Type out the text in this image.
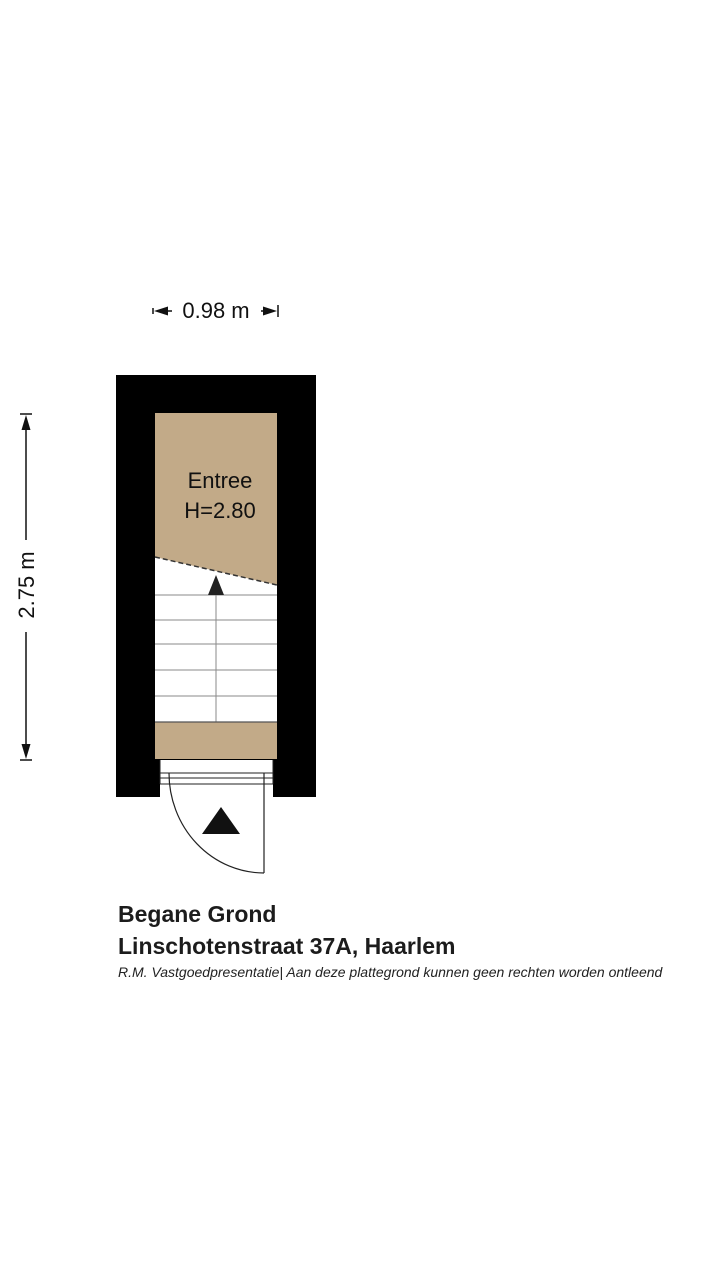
0.98 m
2.75 m
Entree
H=2.80
Begane Grond
Linschotenstraat 37A, Haarlem
R.M. Vastgoedpresentatie| Aan deze plattegrond kunnen geen rechten worden ontleend
